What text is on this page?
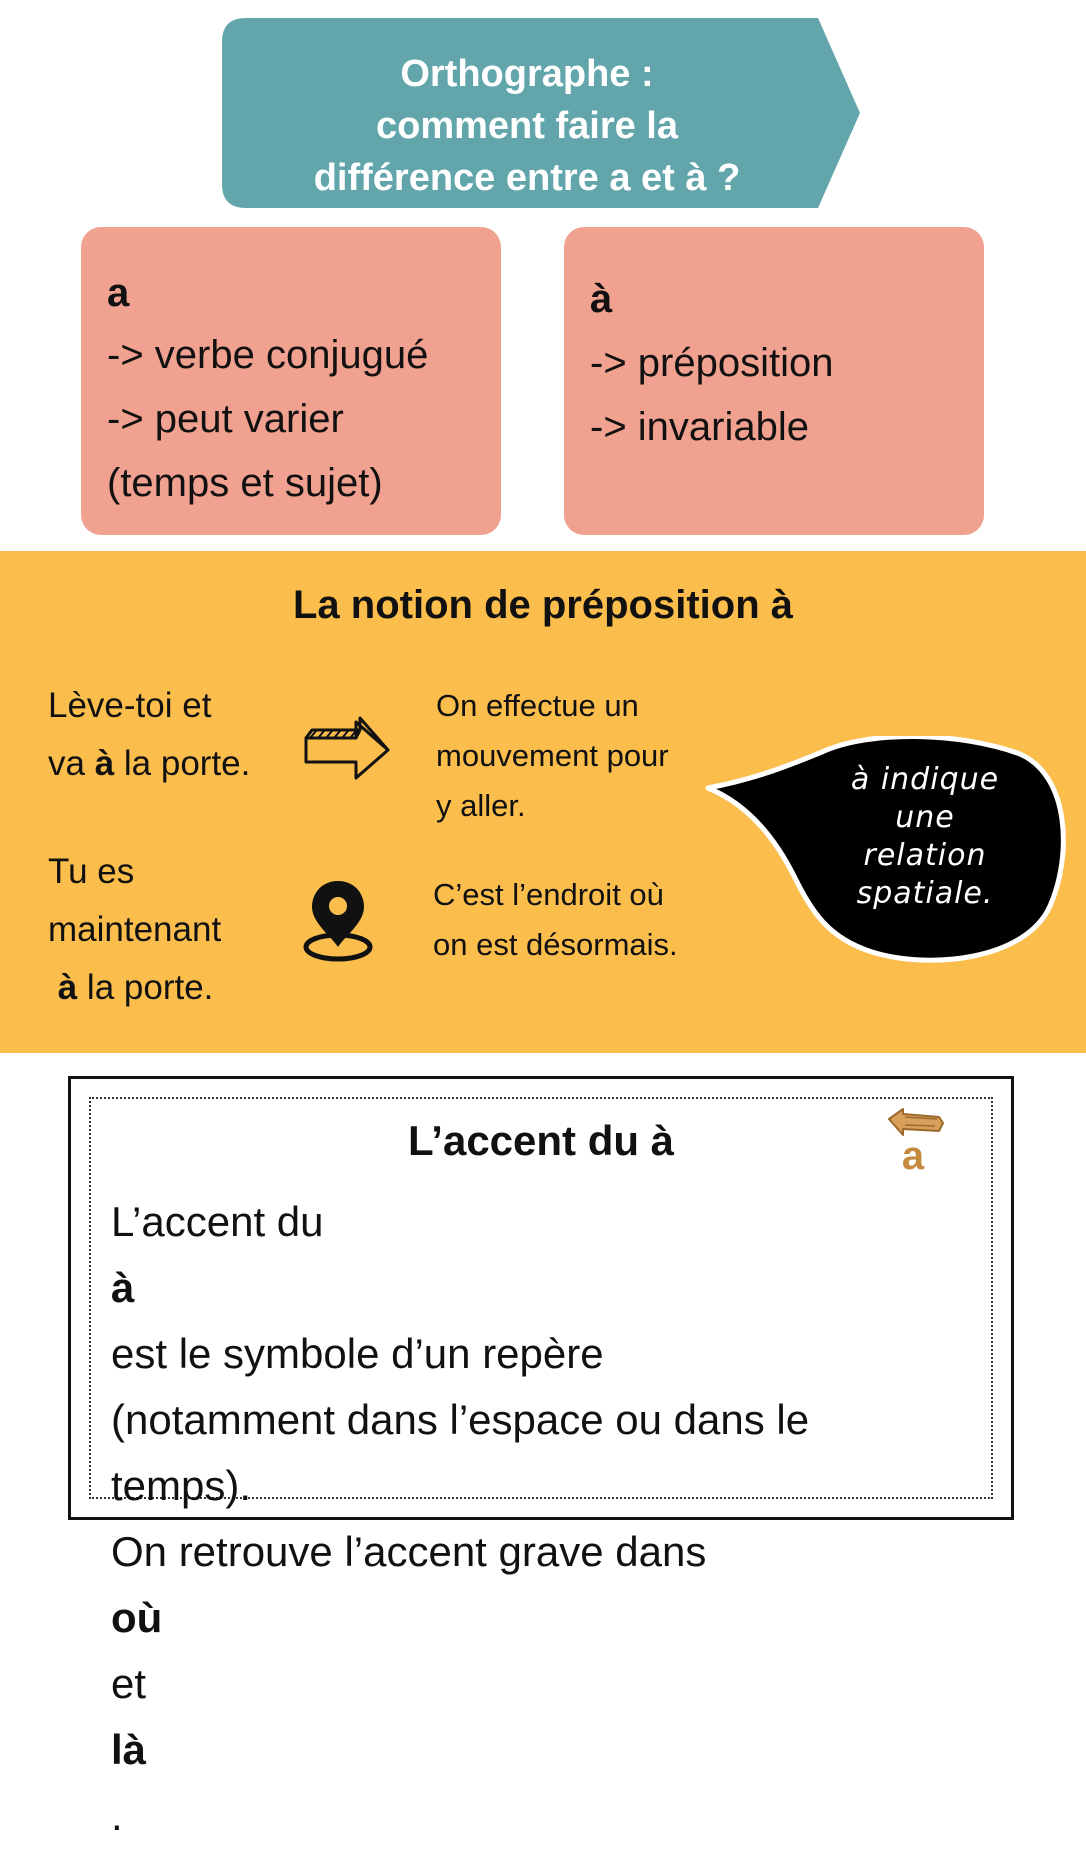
Orthographe :
comment faire la
différence entre a et à ?
a
-> verbe conjugué
-> peut varier
(temps et sujet)
à
-> préposition
-> invariable
La notion de préposition à
Lève-toi et
va à la porte.
On effectue un
mouvement pour
y aller.
Tu es
maintenant
à la porte.
C’est l’endroit où
on est désormais.
à indique
une
relation
spatiale.
L’accent du à	a
L’accent du
à
est le symbole d’un repère
(notamment dans l’espace ou dans le
temps).
On retrouve l’accent grave dans
où
et
là
.
